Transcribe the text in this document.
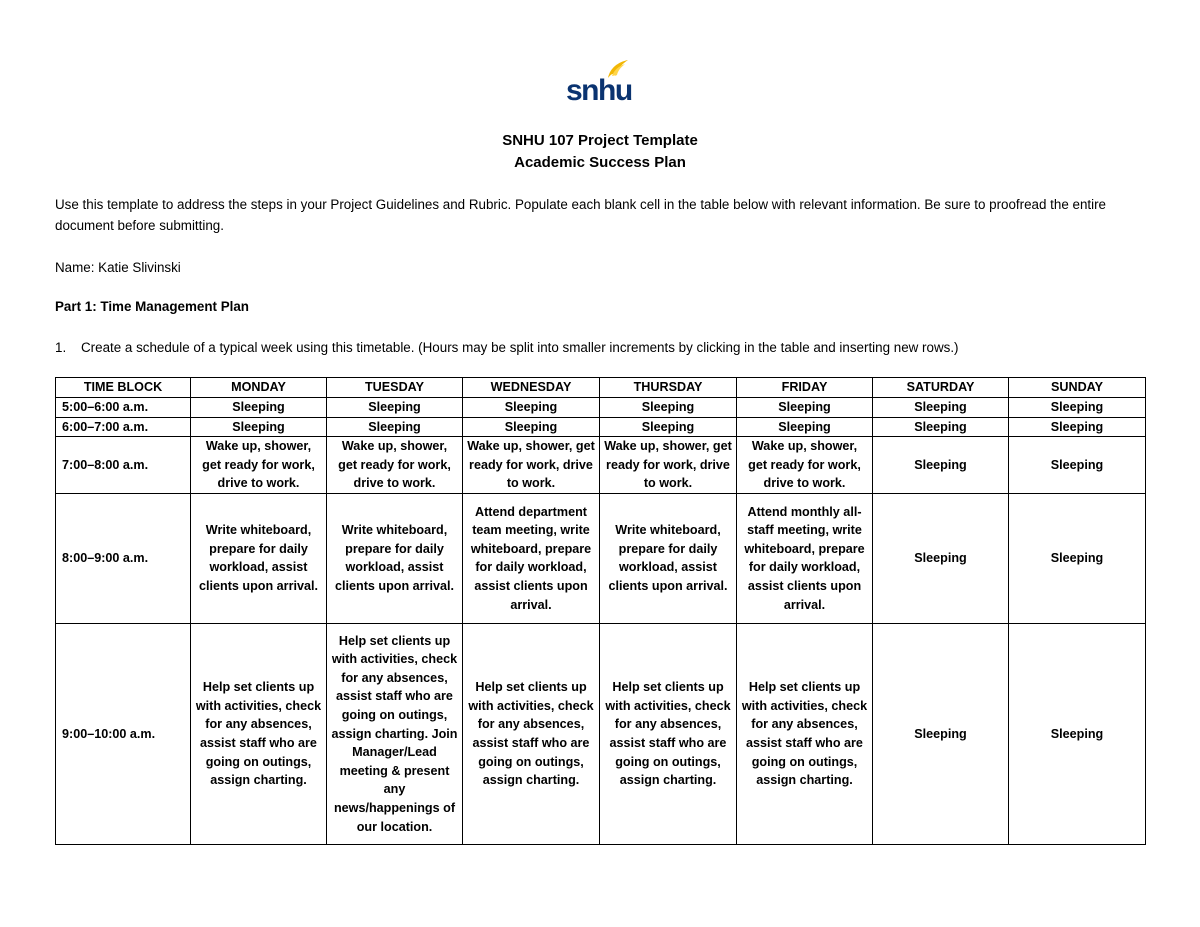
snhu
SNHU 107 Project Template
Academic Success Plan
Use this template to address the steps in your Project Guidelines and Rubric. Populate each blank cell in the table below with relevant information. Be sure to proofread the entire document before submitting.
Name: Katie Slivinski
Part 1: Time Management Plan
1. Create a schedule of a typical week using this timetable. (Hours may be split into smaller increments by clicking in the table and inserting new rows.)
TIME BLOCK	MONDAY	TUESDAY	WEDNESDAY	THURSDAY	FRIDAY	SATURDAY	SUNDAY
5:00–6:00 a.m.	Sleeping	Sleeping	Sleeping	Sleeping	Sleeping	Sleeping	Sleeping
6:00–7:00 a.m.	Sleeping	Sleeping	Sleeping	Sleeping	Sleeping	Sleeping	Sleeping
7:00–8:00 a.m.	Wake up, shower, get ready for work, drive to work.	Wake up, shower, get ready for work, drive to work.	Wake up, shower, get ready for work, drive to work.	Wake up, shower, get ready for work, drive to work.	Wake up, shower, get ready for work, drive to work.	Sleeping	Sleeping
8:00–9:00 a.m.	Write whiteboard, prepare for daily workload, assist clients upon arrival.	Write whiteboard, prepare for daily workload, assist clients upon arrival.	Attend department team meeting, write whiteboard, prepare for daily workload, assist clients upon arrival.	Write whiteboard, prepare for daily workload, assist clients upon arrival.	Attend monthly all-staff meeting, write whiteboard, prepare for daily workload, assist clients upon arrival.	Sleeping	Sleeping
9:00–10:00 a.m.	Help set clients up with activities, check for any absences, assist staff who are going on outings, assign charting.	Help set clients up with activities, check for any absences, assist staff who are going on outings, assign charting. Join Manager/Lead meeting & present any news/happenings of our location.	Help set clients up with activities, check for any absences, assist staff who are going on outings, assign charting.	Help set clients up with activities, check for any absences, assist staff who are going on outings, assign charting.	Help set clients up with activities, check for any absences, assist staff who are going on outings, assign charting.	Sleeping	Sleeping
